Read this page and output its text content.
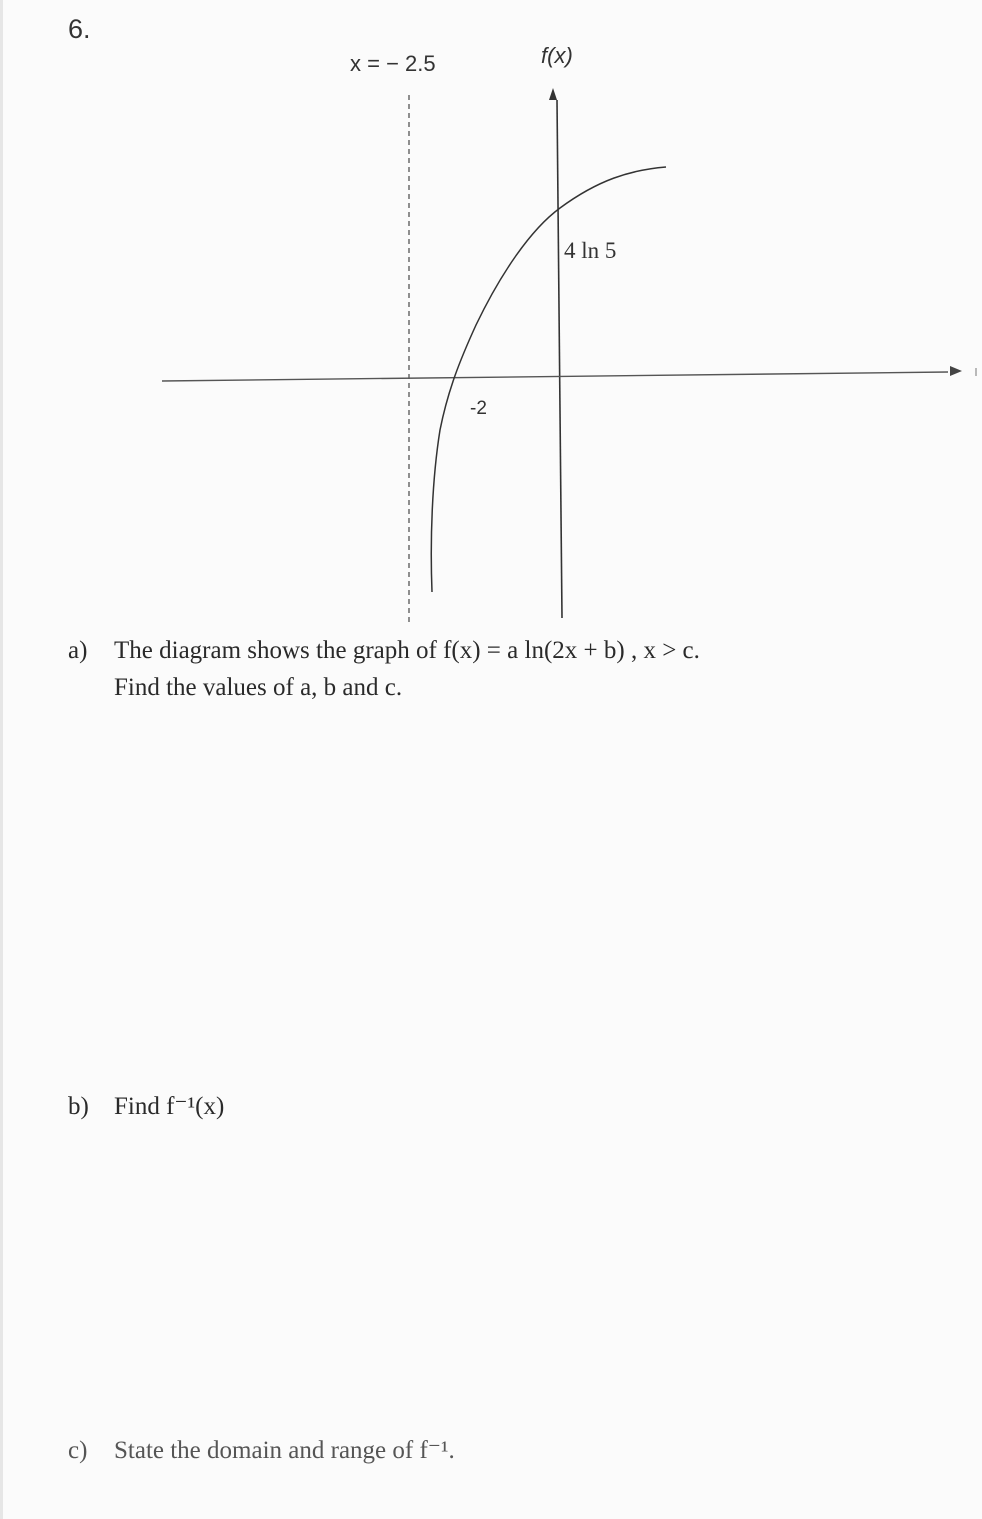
6.
x = − 2.5	f(x)
4 ln 5
-2
a) The diagram shows the graph of f(x) = a ln(2x + b) , x > c.
Find the values of a, b and c.
b) Find f⁻¹(x)
c) State the domain and range of f⁻¹.
